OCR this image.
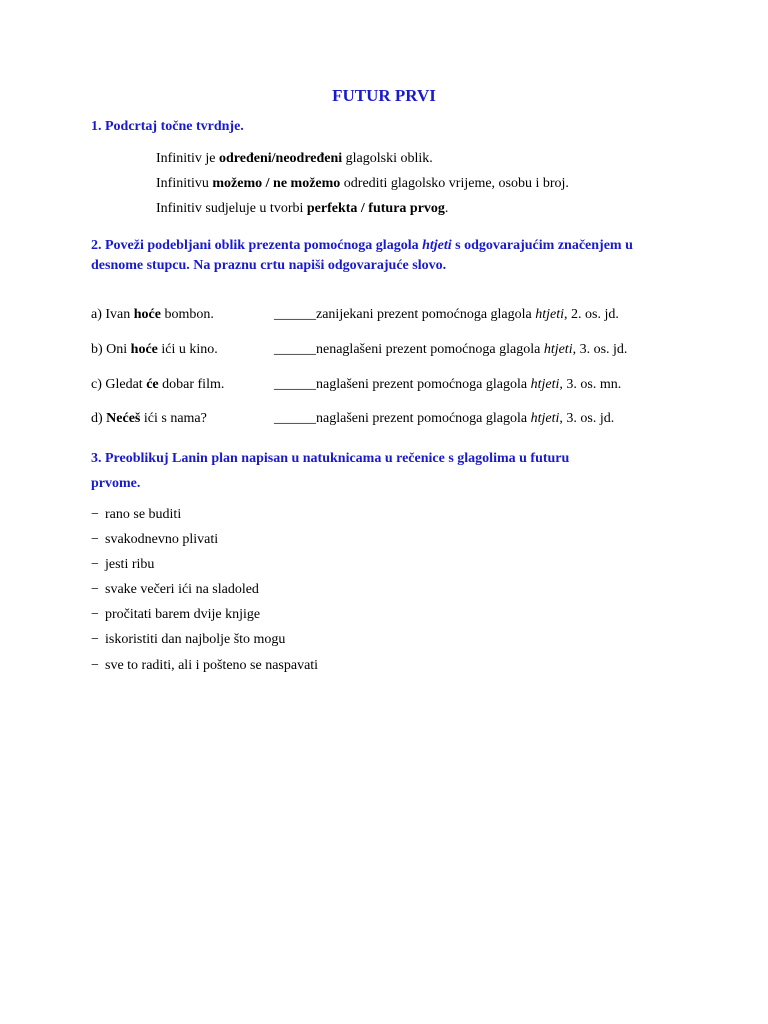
FUTUR PRVI
1. Podcrtaj točne tvrdnje.
Infinitiv je određeni/neodređeni glagolski oblik.
Infinitivu možemo / ne možemo odrediti glagolsko vrijeme, osobu i broj.
Infinitiv sudjeluje u tvorbi perfekta / futura prvog.
2. Poveži podebljani oblik prezenta pomoćnoga glagola htjeti s odgovarajućim značenjem u desnome stupcu. Na praznu crtu napiši odgovarajuće slovo.
a) Ivan hoće bombon.	______ zanijekani prezent pomoćnoga glagola htjeti, 2. os. jd.
b) Oni hoće ići u kino.	______ nenaglašeni prezent pomoćnoga glagola htjeti, 3. os. jd.
c) Gledat će dobar film.	______ naglašeni prezent pomoćnoga glagola htjeti, 3. os. mn.
d) Nećeš ići s nama?	______ naglašeni prezent pomoćnoga glagola htjeti, 3. os. jd.
3. Preoblikuj Lanin plan napisan u natuknicama u rečenice s glagolima u futuru
prvome.
− rano se buditi
− svakodnevno plivati
− jesti ribu
− svake večeri ići na sladoled
− pročitati barem dvije knjige
− iskoristiti dan najbolje što mogu
− sve to raditi, ali i pošteno se naspavati
